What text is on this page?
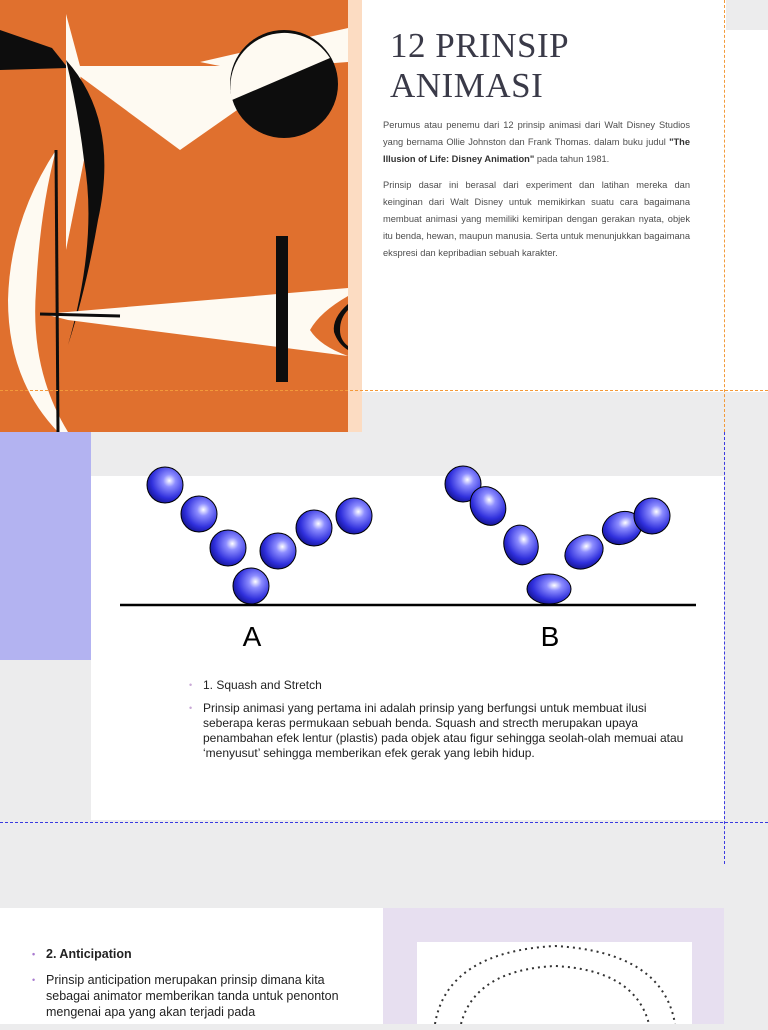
12 PRINSIP ANIMASI

Perumus atau penemu dari 12 prinsip animasi dari Walt Disney Studios yang bernama Ollie Johnston dan Frank Thomas. dalam buku judul "The Illusion of Life: Disney Animation" pada tahun 1981.

Prinsip dasar ini berasal dari experiment dan latihan mereka dan keinginan dari Walt Disney untuk memikirkan suatu cara bagaimana membuat animasi yang memiliki kemiripan dengan gerakan nyata, objek itu benda, hewan, maupun manusia. Serta untuk menunjukkan bagaimana ekspresi dan kepribadian sebuah karakter.

A	B
• 1. Squash and Stretch
• Prinsip animasi yang pertama ini adalah prinsip yang berfungsi untuk membuat ilusi seberapa keras permukaan sebuah benda. Squash and strecth merupakan upaya penambahan efek lentur (plastis) pada objek atau figur sehingga seolah-olah memuai atau ‘menyusut’ sehingga memberikan efek gerak yang lebih hidup.
• 2. Anticipation
• Prinsip anticipation merupakan prinsip dimana kita sebagai animator memberikan tanda untuk penonton mengenai apa yang akan terjadi pada
